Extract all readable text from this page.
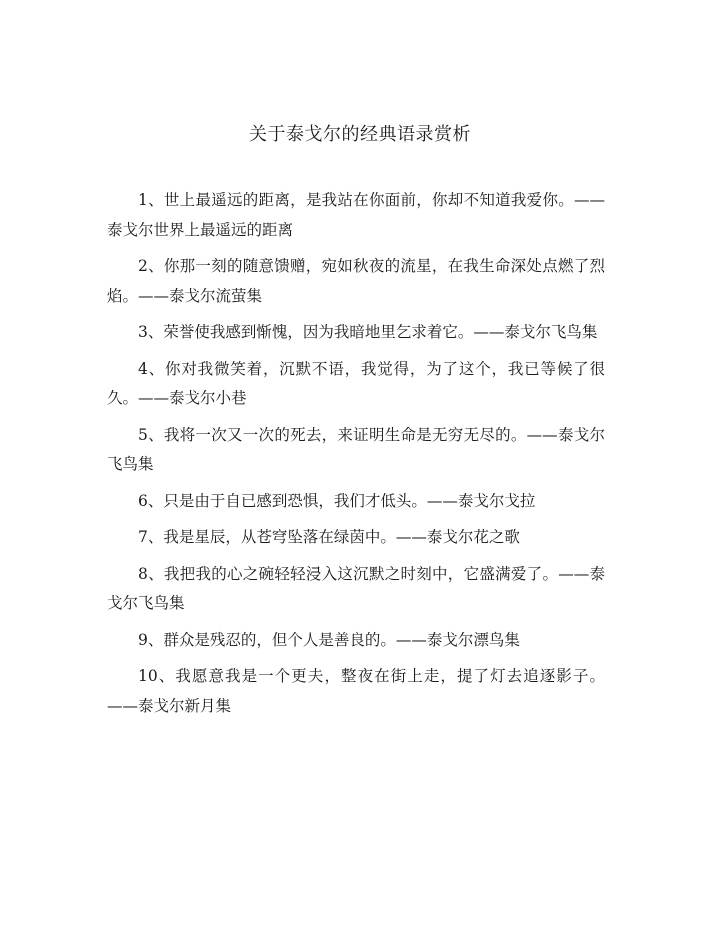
关于泰戈尔的经典语录赏析

1、世上最遥远的距离，是我站在你面前，你却不知道我爱你。——泰戈尔世界上最遥远的距离

2、你那一刻的随意馈赠，宛如秋夜的流星，在我生命深处点燃了烈焰。——泰戈尔流萤集

3、荣誉使我感到惭愧，因为我暗地里乞求着它。——泰戈尔飞鸟集

4、你对我微笑着，沉默不语，我觉得，为了这个，我已等候了很久。——泰戈尔小巷

5、我将一次又一次的死去，来证明生命是无穷无尽的。——泰戈尔飞鸟集

6、只是由于自已感到恐惧，我们才低头。——泰戈尔戈拉

7、我是星辰，从苍穹坠落在绿茵中。——泰戈尔花之歌

8、我把我的心之碗轻轻浸入这沉默之时刻中，它盛满爱了。——泰戈尔飞鸟集

9、群众是残忍的，但个人是善良的。——泰戈尔漂鸟集

10、我愿意我是一个更夫，整夜在街上走，提了灯去追逐影子。——泰戈尔新月集
